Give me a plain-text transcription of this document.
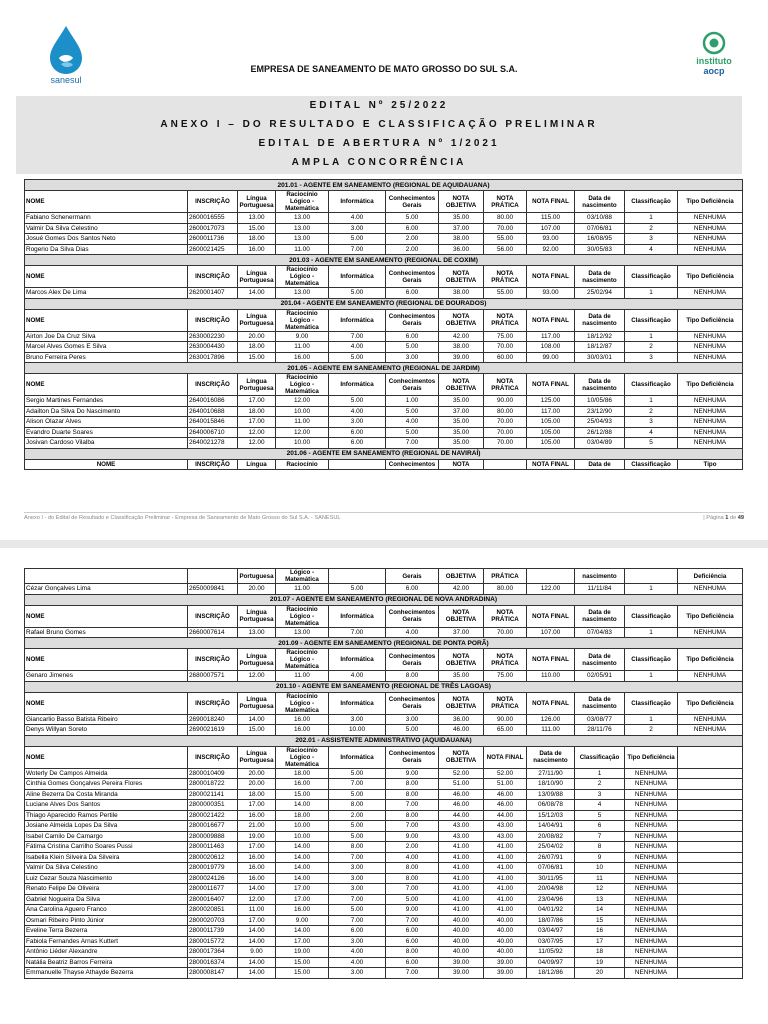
sanesul
instituto
aocp
EMPRESA DE SANEAMENTO DE MATO GROSSO DO SUL S.A.
EDITAL Nº 25/2022
ANEXO I – DO RESULTADO E CLASSIFICAÇÃO PRELIMINAR
EDITAL DE ABERTURA Nº 1/2021
AMPLA CONCORRÊNCIA
201.01 - AGENTE EM SANEAMENTO (REGIONAL DE AQUIDAUANA)											
NOME	INSCRIÇÃO	Língua Portuguesa	Raciocínio Lógico - Matemática	Informática	Conhecimentos Gerais	NOTA OBJETIVA	NOTA PRÁTICA	NOTA FINAL	Data de nascimento	Classificação	Tipo Deficiência
Fabiano Schenermann	2600016555	13.00	13.00	4.00	5.00	35.00	80.00	115.00	03/10/88	1	NENHUMA
Valmir Da Silva Celestino	2600017073	15.00	13.00	3.00	6.00	37.00	70.00	107.00	07/06/81	2	NENHUMA
Josué Gomes Dos Santos Neto	2600011736	18.00	13.00	5.00	2.00	38.00	55.00	93.00	16/08/95	3	NENHUMA
Rogerio Da Silva Dias	2600021425	16.00	11.00	7.00	2.00	36.00	56.00	92.00	30/05/83	4	NENHUMA
201.03 - AGENTE EM SANEAMENTO (REGIONAL DE COXIM)											
NOME	INSCRIÇÃO	Língua Portuguesa	Raciocínio Lógico - Matemática	Informática	Conhecimentos Gerais	NOTA OBJETIVA	NOTA PRÁTICA	NOTA FINAL	Data de nascimento	Classificação	Tipo Deficiência
Marcos Alex De Lima	2620001407	14.00	13.00	5.00	6.00	38.00	55.00	93.00	25/02/94	1	NENHUMA
201.04 - AGENTE EM SANEAMENTO (REGIONAL DE DOURADOS)											
NOME	INSCRIÇÃO	Língua Portuguesa	Raciocínio Lógico - Matemática	Informática	Conhecimentos Gerais	NOTA OBJETIVA	NOTA PRÁTICA	NOTA FINAL	Data de nascimento	Classificação	Tipo Deficiência
Airton Joe Da Cruz Silva	2630002230	20.00	9.00	7.00	6.00	42.00	75.00	117.00	18/12/92	1	NENHUMA
Marcel Alves Gomes E Silva	2630004430	18.00	11.00	4.00	5.00	38.00	70.00	108.00	18/12/87	2	NENHUMA
Bruno Ferreira Peres	2630017896	15.00	16.00	5.00	3.00	39.00	60.00	99.00	30/03/01	3	NENHUMA
201.05 - AGENTE EM SANEAMENTO (REGIONAL DE JARDIM)											
NOME	INSCRIÇÃO	Língua Portuguesa	Raciocínio Lógico - Matemática	Informática	Conhecimentos Gerais	NOTA OBJETIVA	NOTA PRÁTICA	NOTA FINAL	Data de nascimento	Classificação	Tipo Deficiência
Sergio Martines Fernandes	2640016086	17.00	12.00	5.00	1.00	35.00	90.00	125.00	10/05/86	1	NENHUMA
Adailton Da Silva Do Nascimento	2640010688	18.00	10.00	4.00	5.00	37.00	80.00	117.00	23/12/90	2	NENHUMA
Alison Olazar Alves	2640015846	17.00	11.00	3.00	4.00	35.00	70.00	105.00	25/04/93	3	NENHUMA
Evandro Duarte Soares	2640006710	12.00	12.00	6.00	5.00	35.00	70.00	105.00	26/12/88	4	NENHUMA
Josivan Cardoso Vilalba	2640021278	12.00	10.00	6.00	7.00	35.00	70.00	105.00	03/04/89	5	NENHUMA
201.06 - AGENTE EM SANEAMENTO (REGIONAL DE NAVIRAÍ)											
NOME	INSCRIÇÃO	Língua	Raciocínio		Conhecimentos	NOTA		NOTA FINAL	Data de	Classificação	Tipo
Anexo I - do Edital de Resultado e Classificação Preliminar - Empresa de Saneamento de Mato Grosso do Sul S.A. - SANESUL	| Página 1 de 49
		Portuguesa	Lógico - Matemática		Gerais	OBJETIVA	PRÁTICA		nascimento		Deficiência
Cézar Gonçalves Lima	2650009841	20.00	11.00	5.00	6.00	42.00	80.00	122.00	11/11/84	1	NENHUMA
201.07 - AGENTE EM SANEAMENTO (REGIONAL DE NOVA ANDRADINA)											
NOME	INSCRIÇÃO	Língua Portuguesa	Raciocínio Lógico - Matemática	Informática	Conhecimentos Gerais	NOTA OBJETIVA	NOTA PRÁTICA	NOTA FINAL	Data de nascimento	Classificação	Tipo Deficiência
Rafael Bruno Gomes	2660007614	13.00	13.00	7.00	4.00	37.00	70.00	107.00	07/04/83	1	NENHUMA
201.09 - AGENTE EM SANEAMENTO (REGIONAL DE PONTA PORÃ)											
NOME	INSCRIÇÃO	Língua Portuguesa	Raciocínio Lógico - Matemática	Informática	Conhecimentos Gerais	NOTA OBJETIVA	NOTA PRÁTICA	NOTA FINAL	Data de nascimento	Classificação	Tipo Deficiência
Genaro Jimenes	2680007571	12.00	11.00	4.00	8.00	35.00	75.00	110.00	02/05/91	1	NENHUMA
201.10 - AGENTE EM SANEAMENTO (REGIONAL DE TRÊS LAGOAS)											
NOME	INSCRIÇÃO	Língua Portuguesa	Raciocínio Lógico - Matemática	Informática	Conhecimentos Gerais	NOTA OBJETIVA	NOTA PRÁTICA	NOTA FINAL	Data de nascimento	Classificação	Tipo Deficiência
Giancarlio Basso Batista Ribeiro	2690018240	14.00	16.00	3.00	3.00	36.00	90.00	126.00	03/08/77	1	NENHUMA
Denys Willyan Soreto	2690021619	15.00	16.00	10.00	5.00	46.00	65.00	111.00	28/11/76	2	NENHUMA
202.01 - ASSISTENTE ADMINISTRATIVO (AQUIDAUANA)											
NOME	INSCRIÇÃO	Língua Portuguesa	Raciocínio Lógico - Matemática	Informática	Conhecimentos Gerais	NOTA OBJETIVA	NOTA FINAL	Data de nascimento	Classificação	Tipo Deficiência	
Woterly De Campos Almeida	2800010409	20.00	18.00	5.00	9.00	52.00	52.00	27/11/90	1	NENHUMA	
Cinthia Gomes Gonçalves Pereira Flores	2800018722	20.00	16.00	7.00	8.00	51.00	51.00	18/10/90	2	NENHUMA	
Aline Bezerra Da Costa Miranda	2800021141	18.00	15.00	5.00	8.00	46.00	46.00	13/09/88	3	NENHUMA	
Luciane Alves Dos Santos	2800000351	17.00	14.00	8.00	7.00	46.00	46.00	06/08/78	4	NENHUMA	
Thiago Aparecido Ramos Pertile	2800021422	16.00	18.00	2.00	8.00	44.00	44.00	15/12/03	5	NENHUMA	
Josiane Almeida Lopes Da Silva	2800016677	21.00	10.00	5.00	7.00	43.00	43.00	14/04/91	6	NENHUMA	
Isabel Camilo De Camargo	2800009888	19.00	10.00	5.00	9.00	43.00	43.00	20/08/82	7	NENHUMA	
Fátima Cristina Carrilho Soares Pussi	2800011463	17.00	14.00	8.00	2.00	41.00	41.00	25/04/02	8	NENHUMA	
Isabella Klein Silveira Da Silveira	2800020612	16.00	14.00	7.00	4.00	41.00	41.00	26/07/91	9	NENHUMA	
Valmir Da Silva Celestino	2800019779	16.00	14.00	3.00	8.00	41.00	41.00	07/06/81	10	NENHUMA	
Luiz Cezar Souza Nascimento	2800024126	16.00	14.00	3.00	8.00	41.00	41.00	30/11/95	11	NENHUMA	
Renato Felipe De Oliveira	2800011677	14.00	17.00	3.00	7.00	41.00	41.00	20/04/98	12	NENHUMA	
Gabriel Nogueira Da Silva	2800016407	12.00	17.00	7.00	5.00	41.00	41.00	23/04/96	13	NENHUMA	
Ana Carolina Aguero Franco	2800020851	11.00	16.00	5.00	9.00	41.00	41.00	04/01/92	14	NENHUMA	
Osmari Ribeiro Pinto Júnior	2800020703	17.00	9.00	7.00	7.00	40.00	40.00	18/07/86	15	NENHUMA	
Eveline Terra Bezerra	2800011739	14.00	14.00	6.00	6.00	40.00	40.00	03/04/97	16	NENHUMA	
Fabiola Fernandes Arnas Kuttert	2800015772	14.00	17.00	3.00	6.00	40.00	40.00	03/07/95	17	NENHUMA	
Antônio Liéder Alexandre	2800017364	9.00	19.00	4.00	8.00	40.00	40.00	11/05/92	18	NENHUMA	
Natália Beatriz Barros Ferreira	2800016374	14.00	15.00	4.00	6.00	39.00	39.00	04/09/97	19	NENHUMA	
Emmanuelle Thayse Athayde Bezerra	2800008147	14.00	15.00	3.00	7.00	39.00	39.00	18/12/86	20	NENHUMA	
